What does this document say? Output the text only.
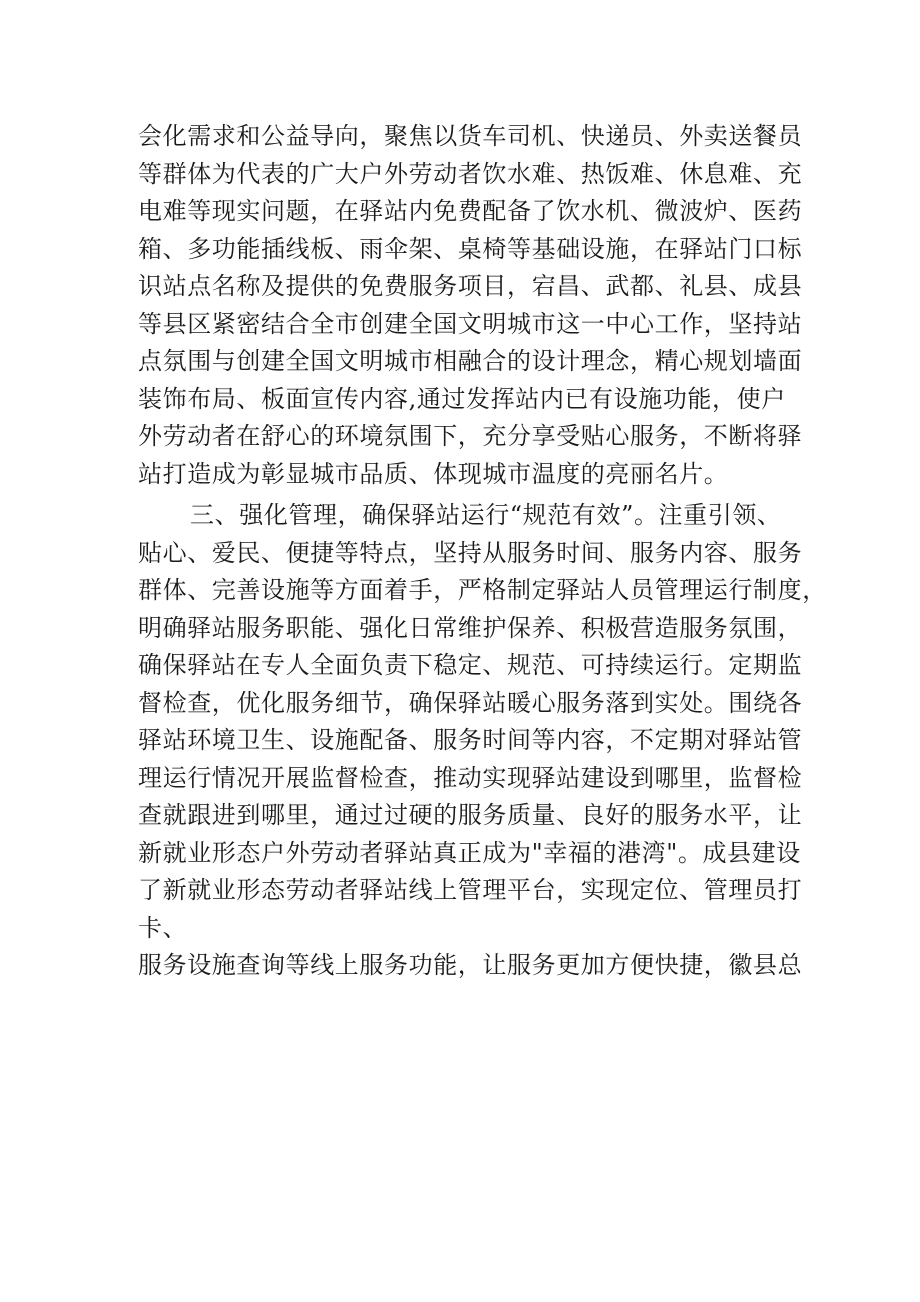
会化需求和公益导向，聚焦以货车司机、快递员、外卖送餐员
等群体为代表的广大户外劳动者饮水难、热饭难、休息难、充
电难等现实问题，在驿站内免费配备了饮水机、微波炉、医药
箱、多功能插线板、雨伞架、桌椅等基础设施，在驿站门口标
识站点名称及提供的免费服务项目，宕昌、武都、礼县、成县
等县区紧密结合全市创建全国文明城市这一中心工作，坚持站
点氛围与创建全国文明城市相融合的设计理念，精心规划墙面
装饰布局、板面宣传内容,通过发挥站内已有设施功能，使户
外劳动者在舒心的环境氛围下，充分享受贴心服务，不断将驿
站打造成为彰显城市品质、体现城市温度的亮丽名片。
三、强化管理，确保驿站运行“规范有效”。注重引领、
贴心、爱民、便捷等特点，坚持从服务时间、服务内容、服务
群体、完善设施等方面着手，严格制定驿站人员管理运行制度，
明确驿站服务职能、强化日常维护保养、积极营造服务氛围，
确保驿站在专人全面负责下稳定、规范、可持续运行。定期监
督检查，优化服务细节，确保驿站暖心服务落到实处。围绕各
驿站环境卫生、设施配备、服务时间等内容，不定期对驿站管
理运行情况开展监督检查，推动实现驿站建设到哪里，监督检
查就跟进到哪里，通过过硬的服务质量、良好的服务水平，让
新就业形态户外劳动者驿站真正成为"幸福的港湾"。成县建设
了新就业形态劳动者驿站线上管理平台，实现定位、管理员打
卡、
服务设施查询等线上服务功能，让服务更加方便快捷，徽县总
